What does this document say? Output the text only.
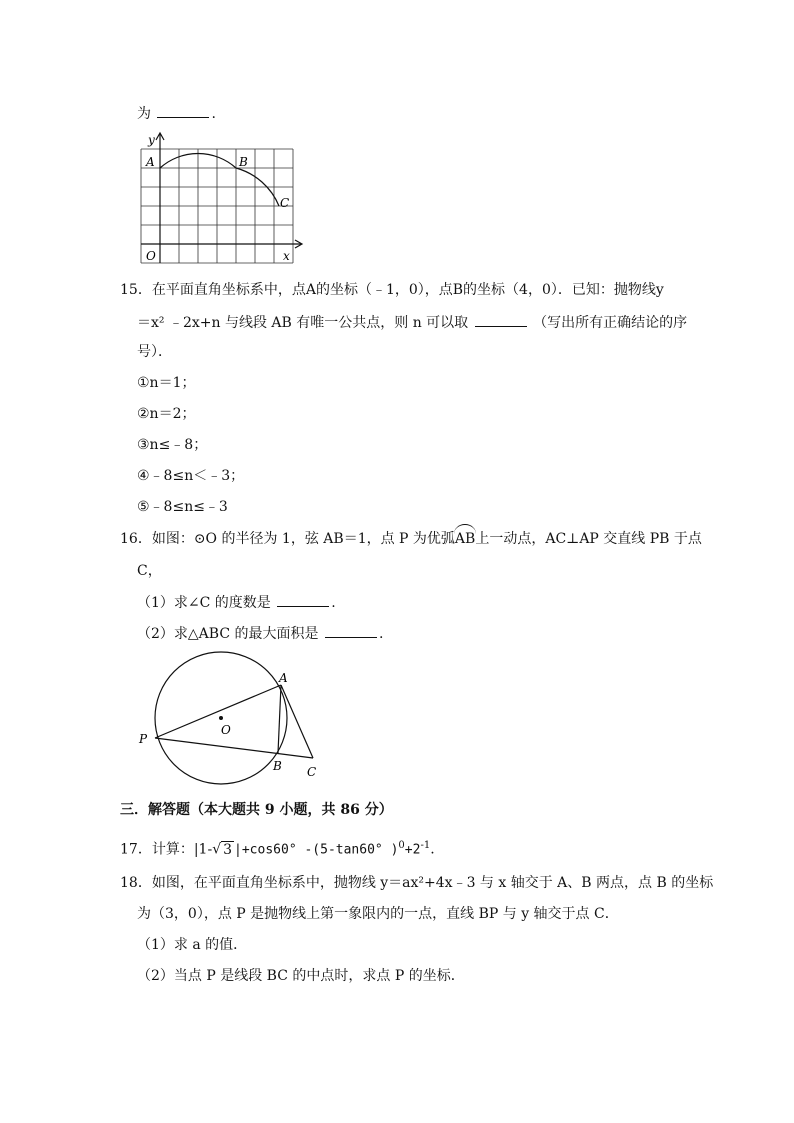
为	.
y
A	B
C
O	x
15．在平面直角坐标系中，点A的坐标（﹣1，0），点B的坐标（4，0）．已知：抛物线y
＝x² ﹣2x+n 与线段 AB 有唯一公共点，则 n 可以取	（写出所有正确结论的序
号）．
①n＝1；
②n＝2；
③n≤﹣8；
④﹣8≤n＜﹣3；
⑤﹣8≤n≤﹣3
16．如图：⊙O 的半径为 1，弦 AB＝1，点 P 为优弧AB上一动点，AC⊥AP 交直线 PB 于点
C，
（1）求∠C 的度数是	.
（2）求△ABC 的最大面积是	.
A
O
P
B C
三．解答题（本大题共 9 小题，共 86 分）
17．计算：|1-√ 3 |+cos60° -(5-tan60° )$^0+2^{-1}$.
18．如图，在平面直角坐标系中，抛物线 y＝ax²+4x﹣3 与 x 轴交于 A、B 两点，点 B 的坐标
为（3，0），点 P 是抛物线上第一象限内的一点，直线 BP 与 y 轴交于点 C．
（1）求 a 的值．
（2）当点 P 是线段 BC 的中点时，求点 P 的坐标．
